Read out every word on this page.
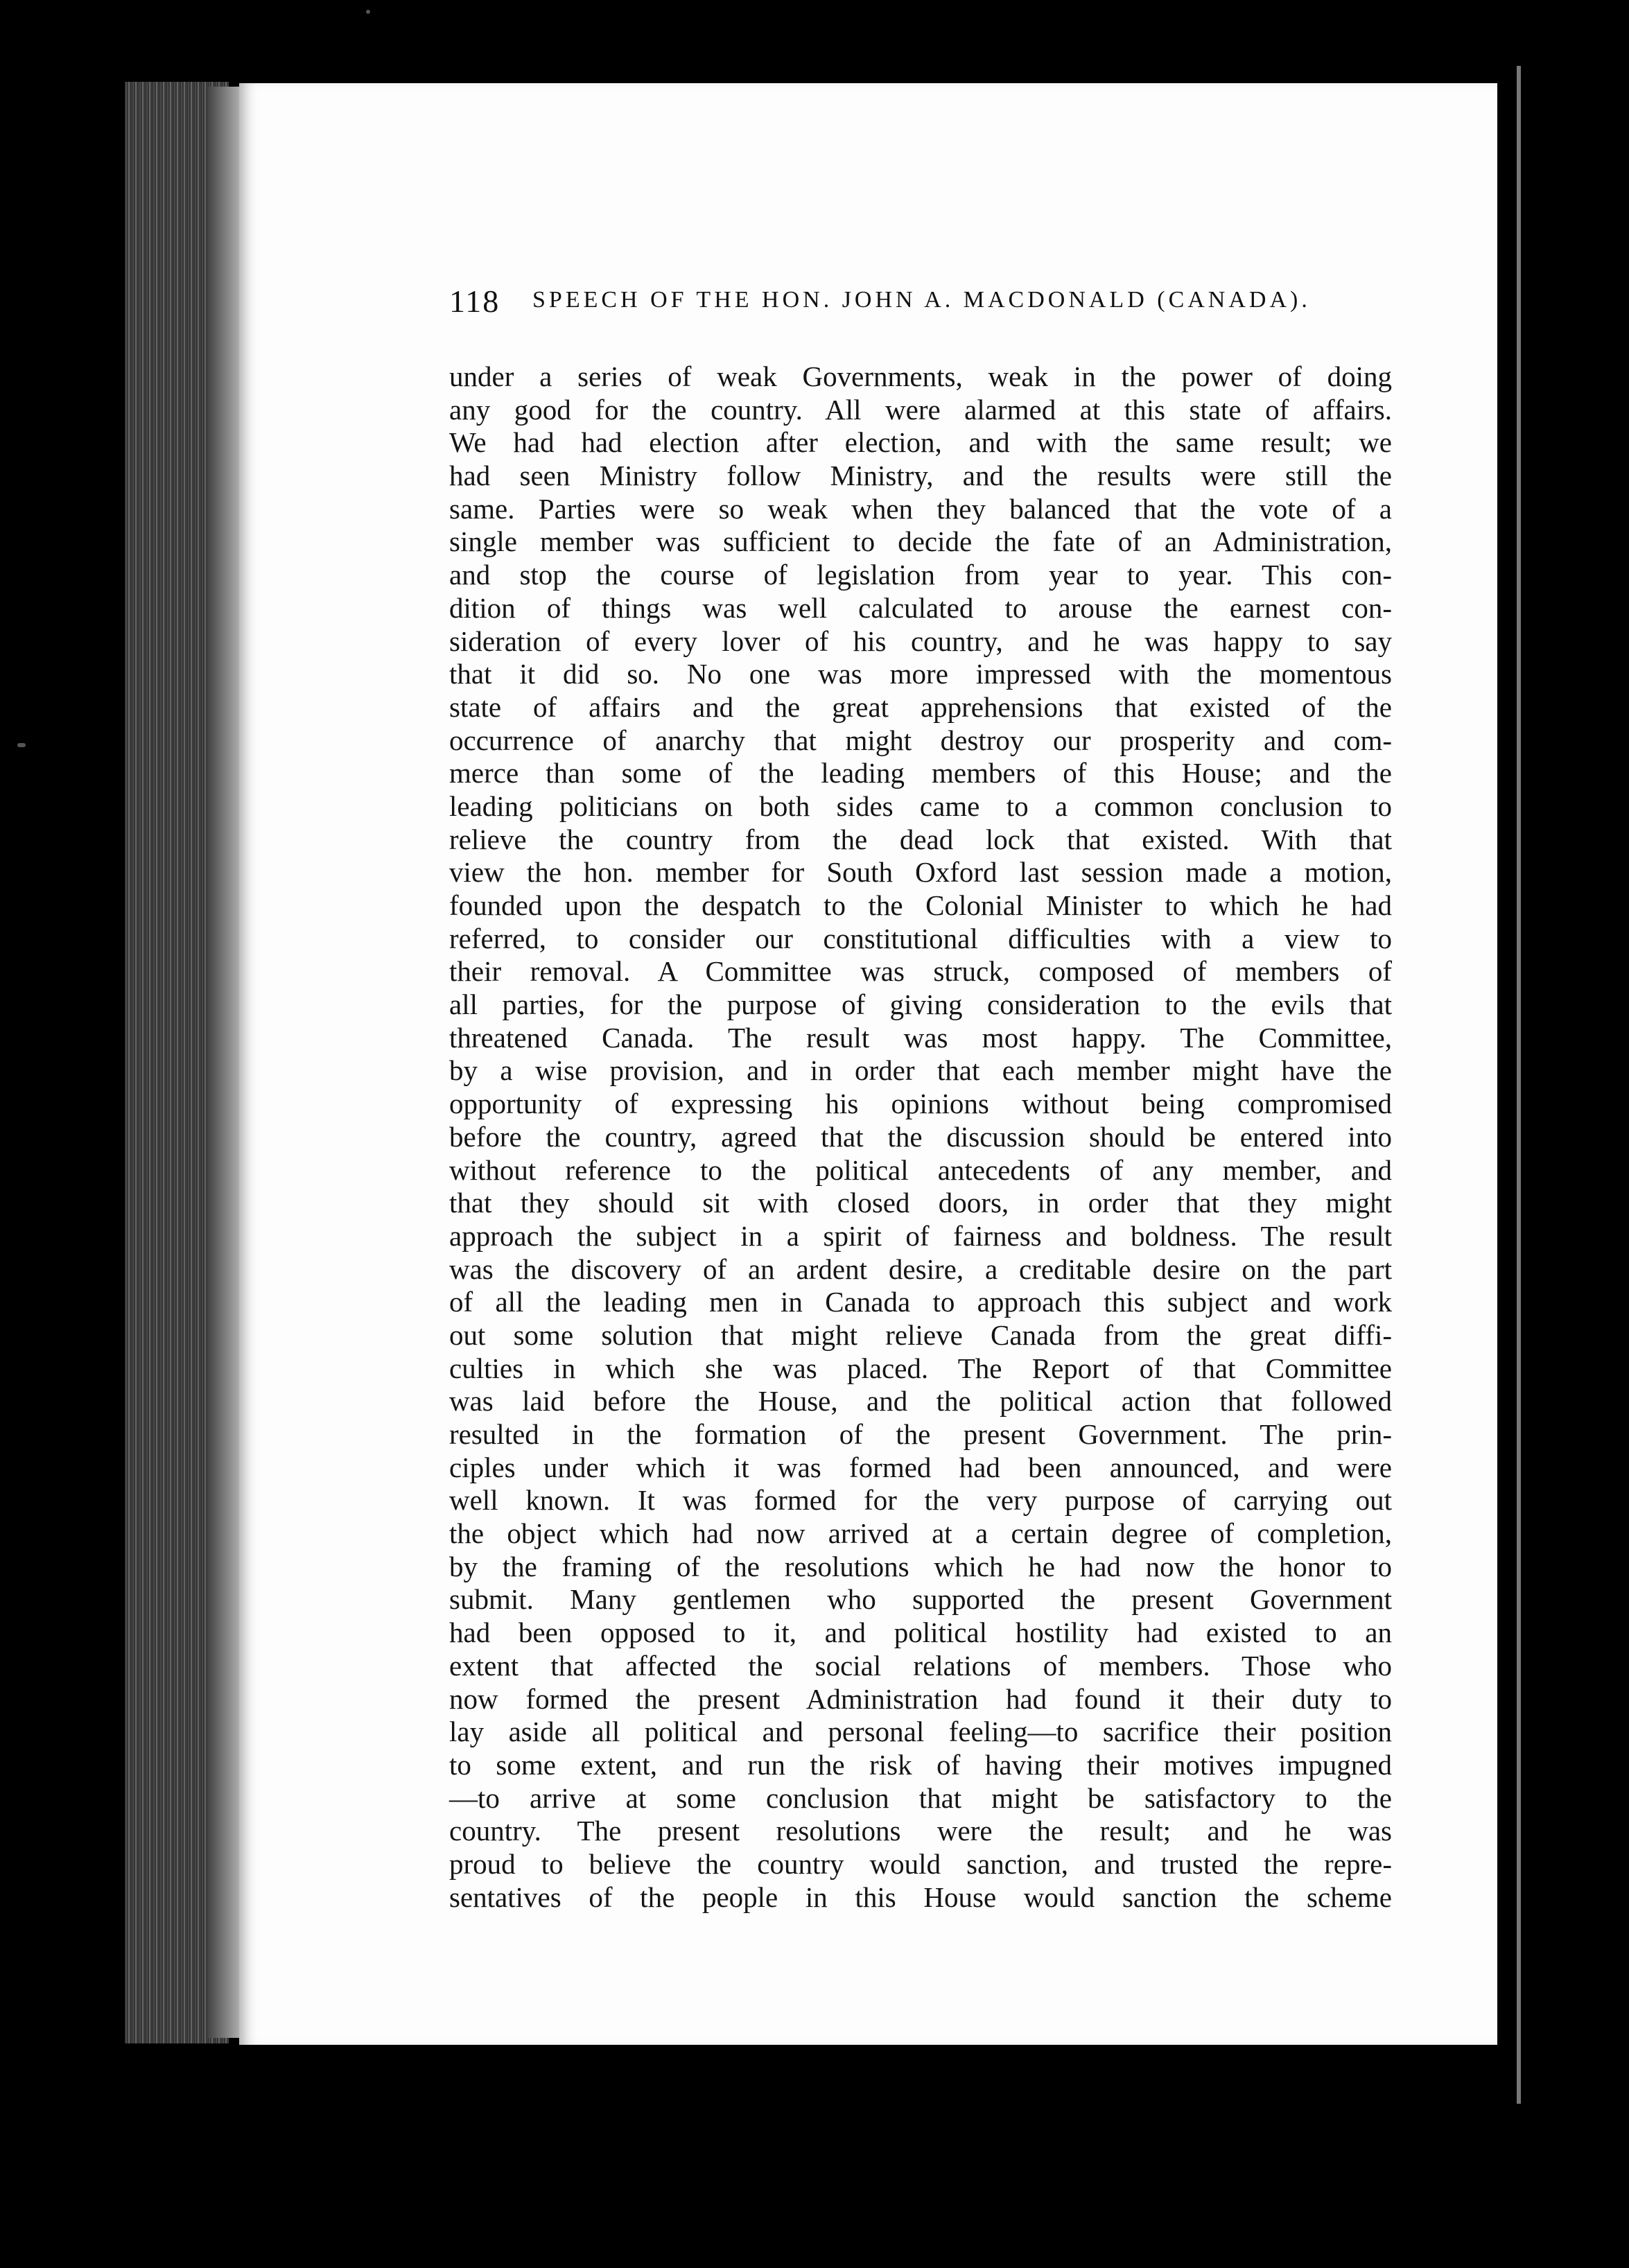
118 SPEECH OF THE HON. JOHN A. MACDONALD (CANADA).
under a series of weak Governments, weak in the power of doing
any good for the country. All were alarmed at this state of affairs.
We had had election after election, and with the same result; we
had seen Ministry follow Ministry, and the results were still the
same. Parties were so weak when they balanced that the vote of a
single member was sufficient to decide the fate of an Administration,
and stop the course of legislation from year to year. This con-
dition of things was well calculated to arouse the earnest con-
sideration of every lover of his country, and he was happy to say
that it did so. No one was more impressed with the momentous
state of affairs and the great apprehensions that existed of the
occurrence of anarchy that might destroy our prosperity and com-
merce than some of the leading members of this House; and the
leading politicians on both sides came to a common conclusion to
relieve the country from the dead lock that existed. With that
view the hon. member for South Oxford last session made a motion,
founded upon the despatch to the Colonial Minister to which he had
referred, to consider our constitutional difficulties with a view to
their removal. A Committee was struck, composed of members of
all parties, for the purpose of giving consideration to the evils that
threatened Canada. The result was most happy. The Committee,
by a wise provision, and in order that each member might have the
opportunity of expressing his opinions without being compromised
before the country, agreed that the discussion should be entered into
without reference to the political antecedents of any member, and
that they should sit with closed doors, in order that they might
approach the subject in a spirit of fairness and boldness. The result
was the discovery of an ardent desire, a creditable desire on the part
of all the leading men in Canada to approach this subject and work
out some solution that might relieve Canada from the great diffi-
culties in which she was placed. The Report of that Committee
was laid before the House, and the political action that followed
resulted in the formation of the present Government. The prin-
ciples under which it was formed had been announced, and were
well known. It was formed for the very purpose of carrying out
the object which had now arrived at a certain degree of completion,
by the framing of the resolutions which he had now the honor to
submit. Many gentlemen who supported the present Government
had been opposed to it, and political hostility had existed to an
extent that affected the social relations of members. Those who
now formed the present Administration had found it their duty to
lay aside all political and personal feeling—to sacrifice their position
to some extent, and run the risk of having their motives impugned
—to arrive at some conclusion that might be satisfactory to the
country. The present resolutions were the result; and he was
proud to believe the country would sanction, and trusted the repre-
sentatives of the people in this House would sanction the scheme
